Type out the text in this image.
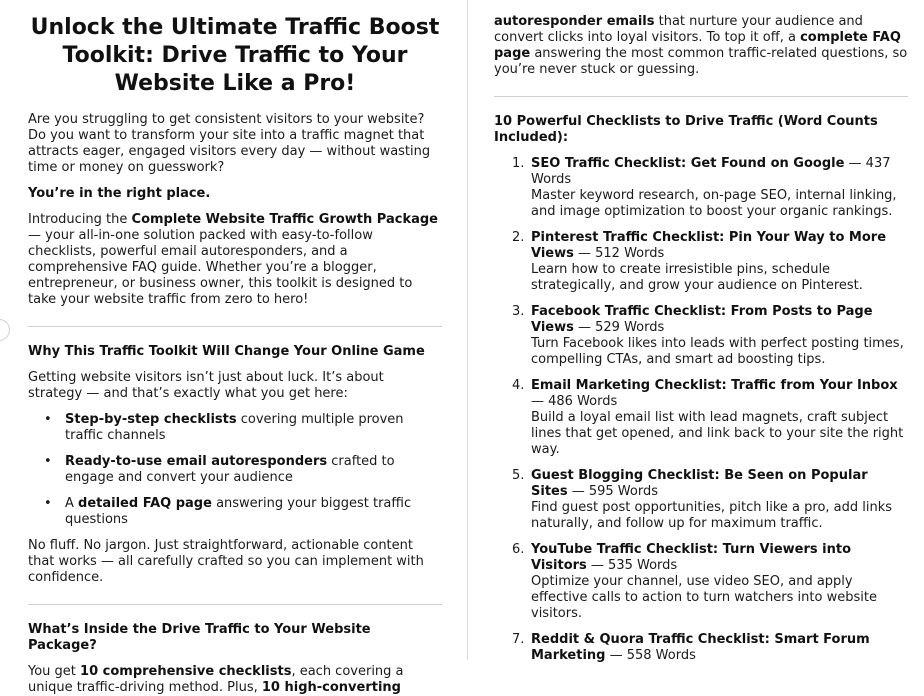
Unlock the Ultimate Traffic Boost Toolkit: Drive Traffic to Your Website Like a Pro!

Are you struggling to get consistent visitors to your website? Do you want to transform your site into a traffic magnet that attracts eager, engaged visitors every day — without wasting time or money on guesswork?

You’re in the right place.

Introducing the Complete Website Traffic Growth Package — your all-in-one solution packed with easy-to-follow checklists, powerful email autoresponders, and a comprehensive FAQ guide. Whether you’re a blogger, entrepreneur, or business owner, this toolkit is designed to take your website traffic from zero to hero!

Why This Traffic Toolkit Will Change Your Online Game

Getting website visitors isn’t just about luck. It’s about strategy — and that’s exactly what you get here:

• Step-by-step checklists covering multiple proven traffic channels
• Ready-to-use email autoresponders crafted to engage and convert your audience
• A detailed FAQ page answering your biggest traffic questions

No fluff. No jargon. Just straightforward, actionable content that works — all carefully crafted so you can implement with confidence.

What’s Inside the Drive Traffic to Your Website Package?

You get 10 comprehensive checklists, each covering a unique traffic-driving method. Plus, 10 high-converting

autoresponder emails that nurture your audience and convert clicks into loyal visitors. To top it off, a complete FAQ page answering the most common traffic-related questions, so you’re never stuck or guessing.

10 Powerful Checklists to Drive Traffic (Word Counts Included):

1. SEO Traffic Checklist: Get Found on Google — 437 Words
Master keyword research, on-page SEO, internal linking, and image optimization to boost your organic rankings.
2. Pinterest Traffic Checklist: Pin Your Way to More Views — 512 Words
Learn how to create irresistible pins, schedule strategically, and grow your audience on Pinterest.
3. Facebook Traffic Checklist: From Posts to Page Views — 529 Words
Turn Facebook likes into leads with perfect posting times, compelling CTAs, and smart ad boosting tips.
4. Email Marketing Checklist: Traffic from Your Inbox — 486 Words
Build a loyal email list with lead magnets, craft subject lines that get opened, and link back to your site the right way.
5. Guest Blogging Checklist: Be Seen on Popular Sites — 595 Words
Find guest post opportunities, pitch like a pro, add links naturally, and follow up for maximum traffic.
6. YouTube Traffic Checklist: Turn Viewers into Visitors — 535 Words
Optimize your channel, use video SEO, and apply effective calls to action to turn watchers into website visitors.
7. Reddit & Quora Traffic Checklist: Smart Forum Marketing — 558 Words
